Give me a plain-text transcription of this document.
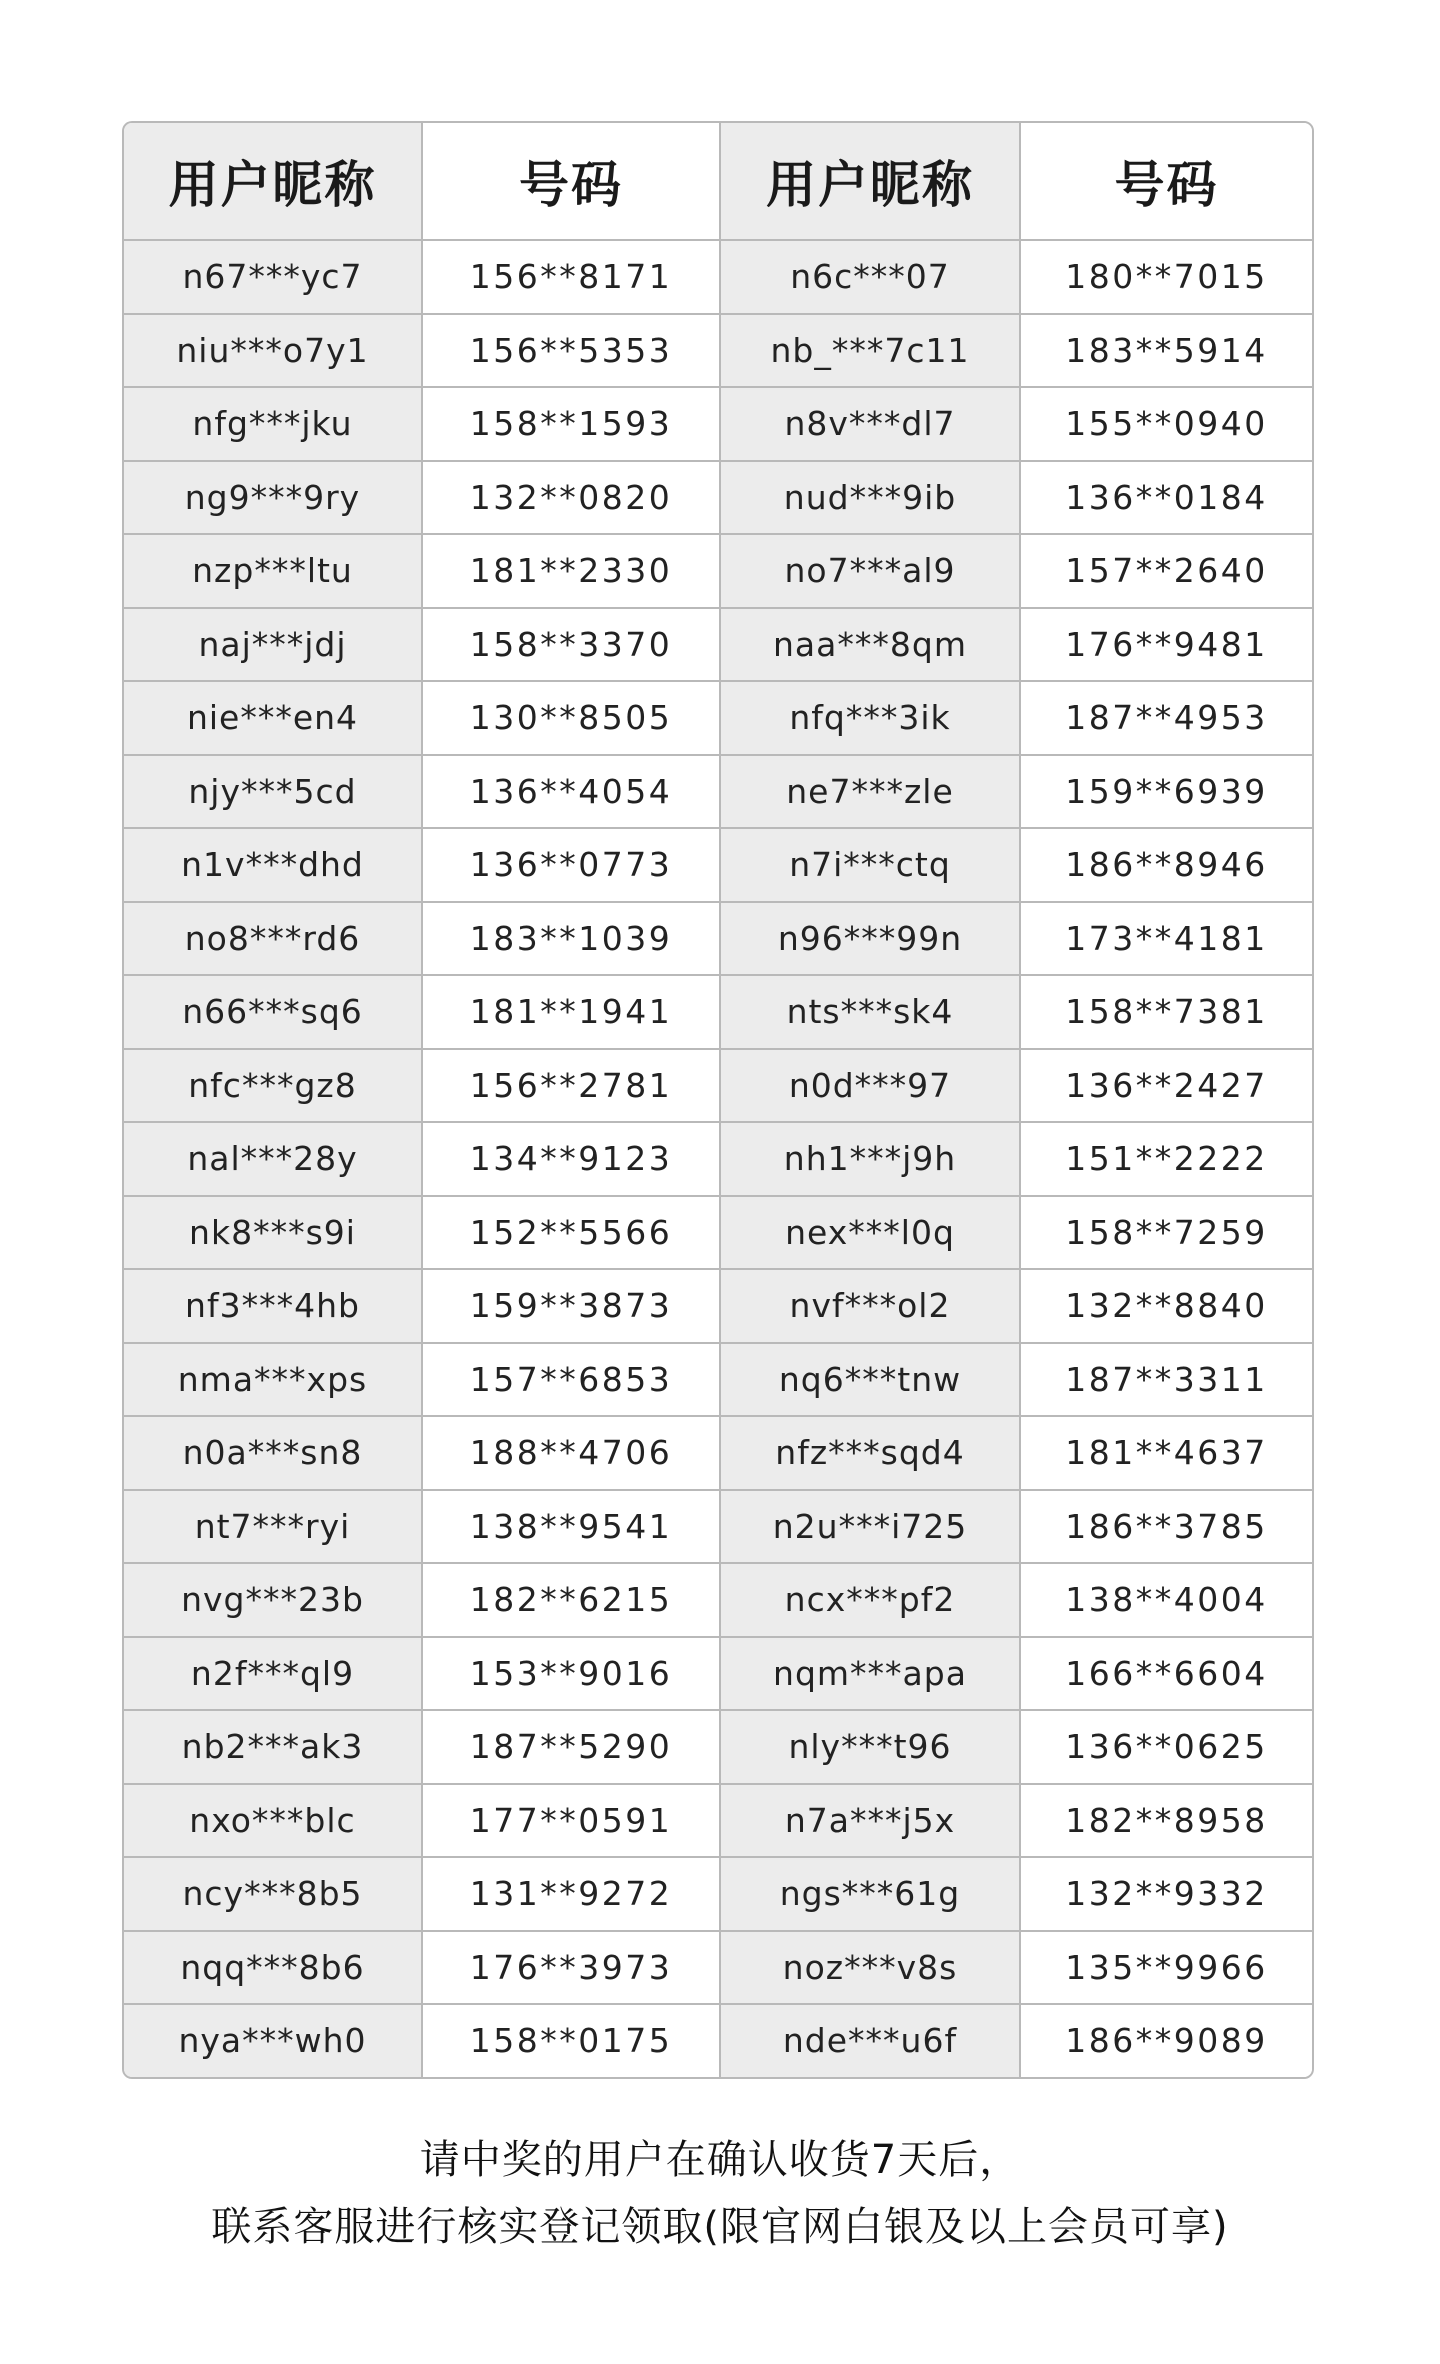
用户昵称	号码	用户昵称	号码
n67***yc7	156**8171	n6c***07	180**7015
niu***o7y1	156**5353	nb_***7c11	183**5914
nfg***jku	158**1593	n8v***dl7	155**0940
ng9***9ry	132**0820	nud***9ib	136**0184
nzp***ltu	181**2330	no7***al9	157**2640
naj***jdj	158**3370	naa***8qm	176**9481
nie***en4	130**8505	nfq***3ik	187**4953
njy***5cd	136**4054	ne7***zle	159**6939
n1v***dhd	136**0773	n7i***ctq	186**8946
no8***rd6	183**1039	n96***99n	173**4181
n66***sq6	181**1941	nts***sk4	158**7381
nfc***gz8	156**2781	n0d***97	136**2427
nal***28y	134**9123	nh1***j9h	151**2222
nk8***s9i	152**5566	nex***l0q	158**7259
nf3***4hb	159**3873	nvf***ol2	132**8840
nma***xps	157**6853	nq6***tnw	187**3311
n0a***sn8	188**4706	nfz***sqd4	181**4637
nt7***ryi	138**9541	n2u***i725	186**3785
nvg***23b	182**6215	ncx***pf2	138**4004
n2f***ql9	153**9016	nqm***apa	166**6604
nb2***ak3	187**5290	nly***t96	136**0625
nxo***blc	177**0591	n7a***j5x	182**8958
ncy***8b5	131**9272	ngs***61g	132**9332
nqq***8b6	176**3973	noz***v8s	135**9966
nya***wh0	158**0175	nde***u6f	186**9089
请中奖的用户在确认收货7天后，
联系客服进行核实登记领取(限官网白银及以上会员可享)
